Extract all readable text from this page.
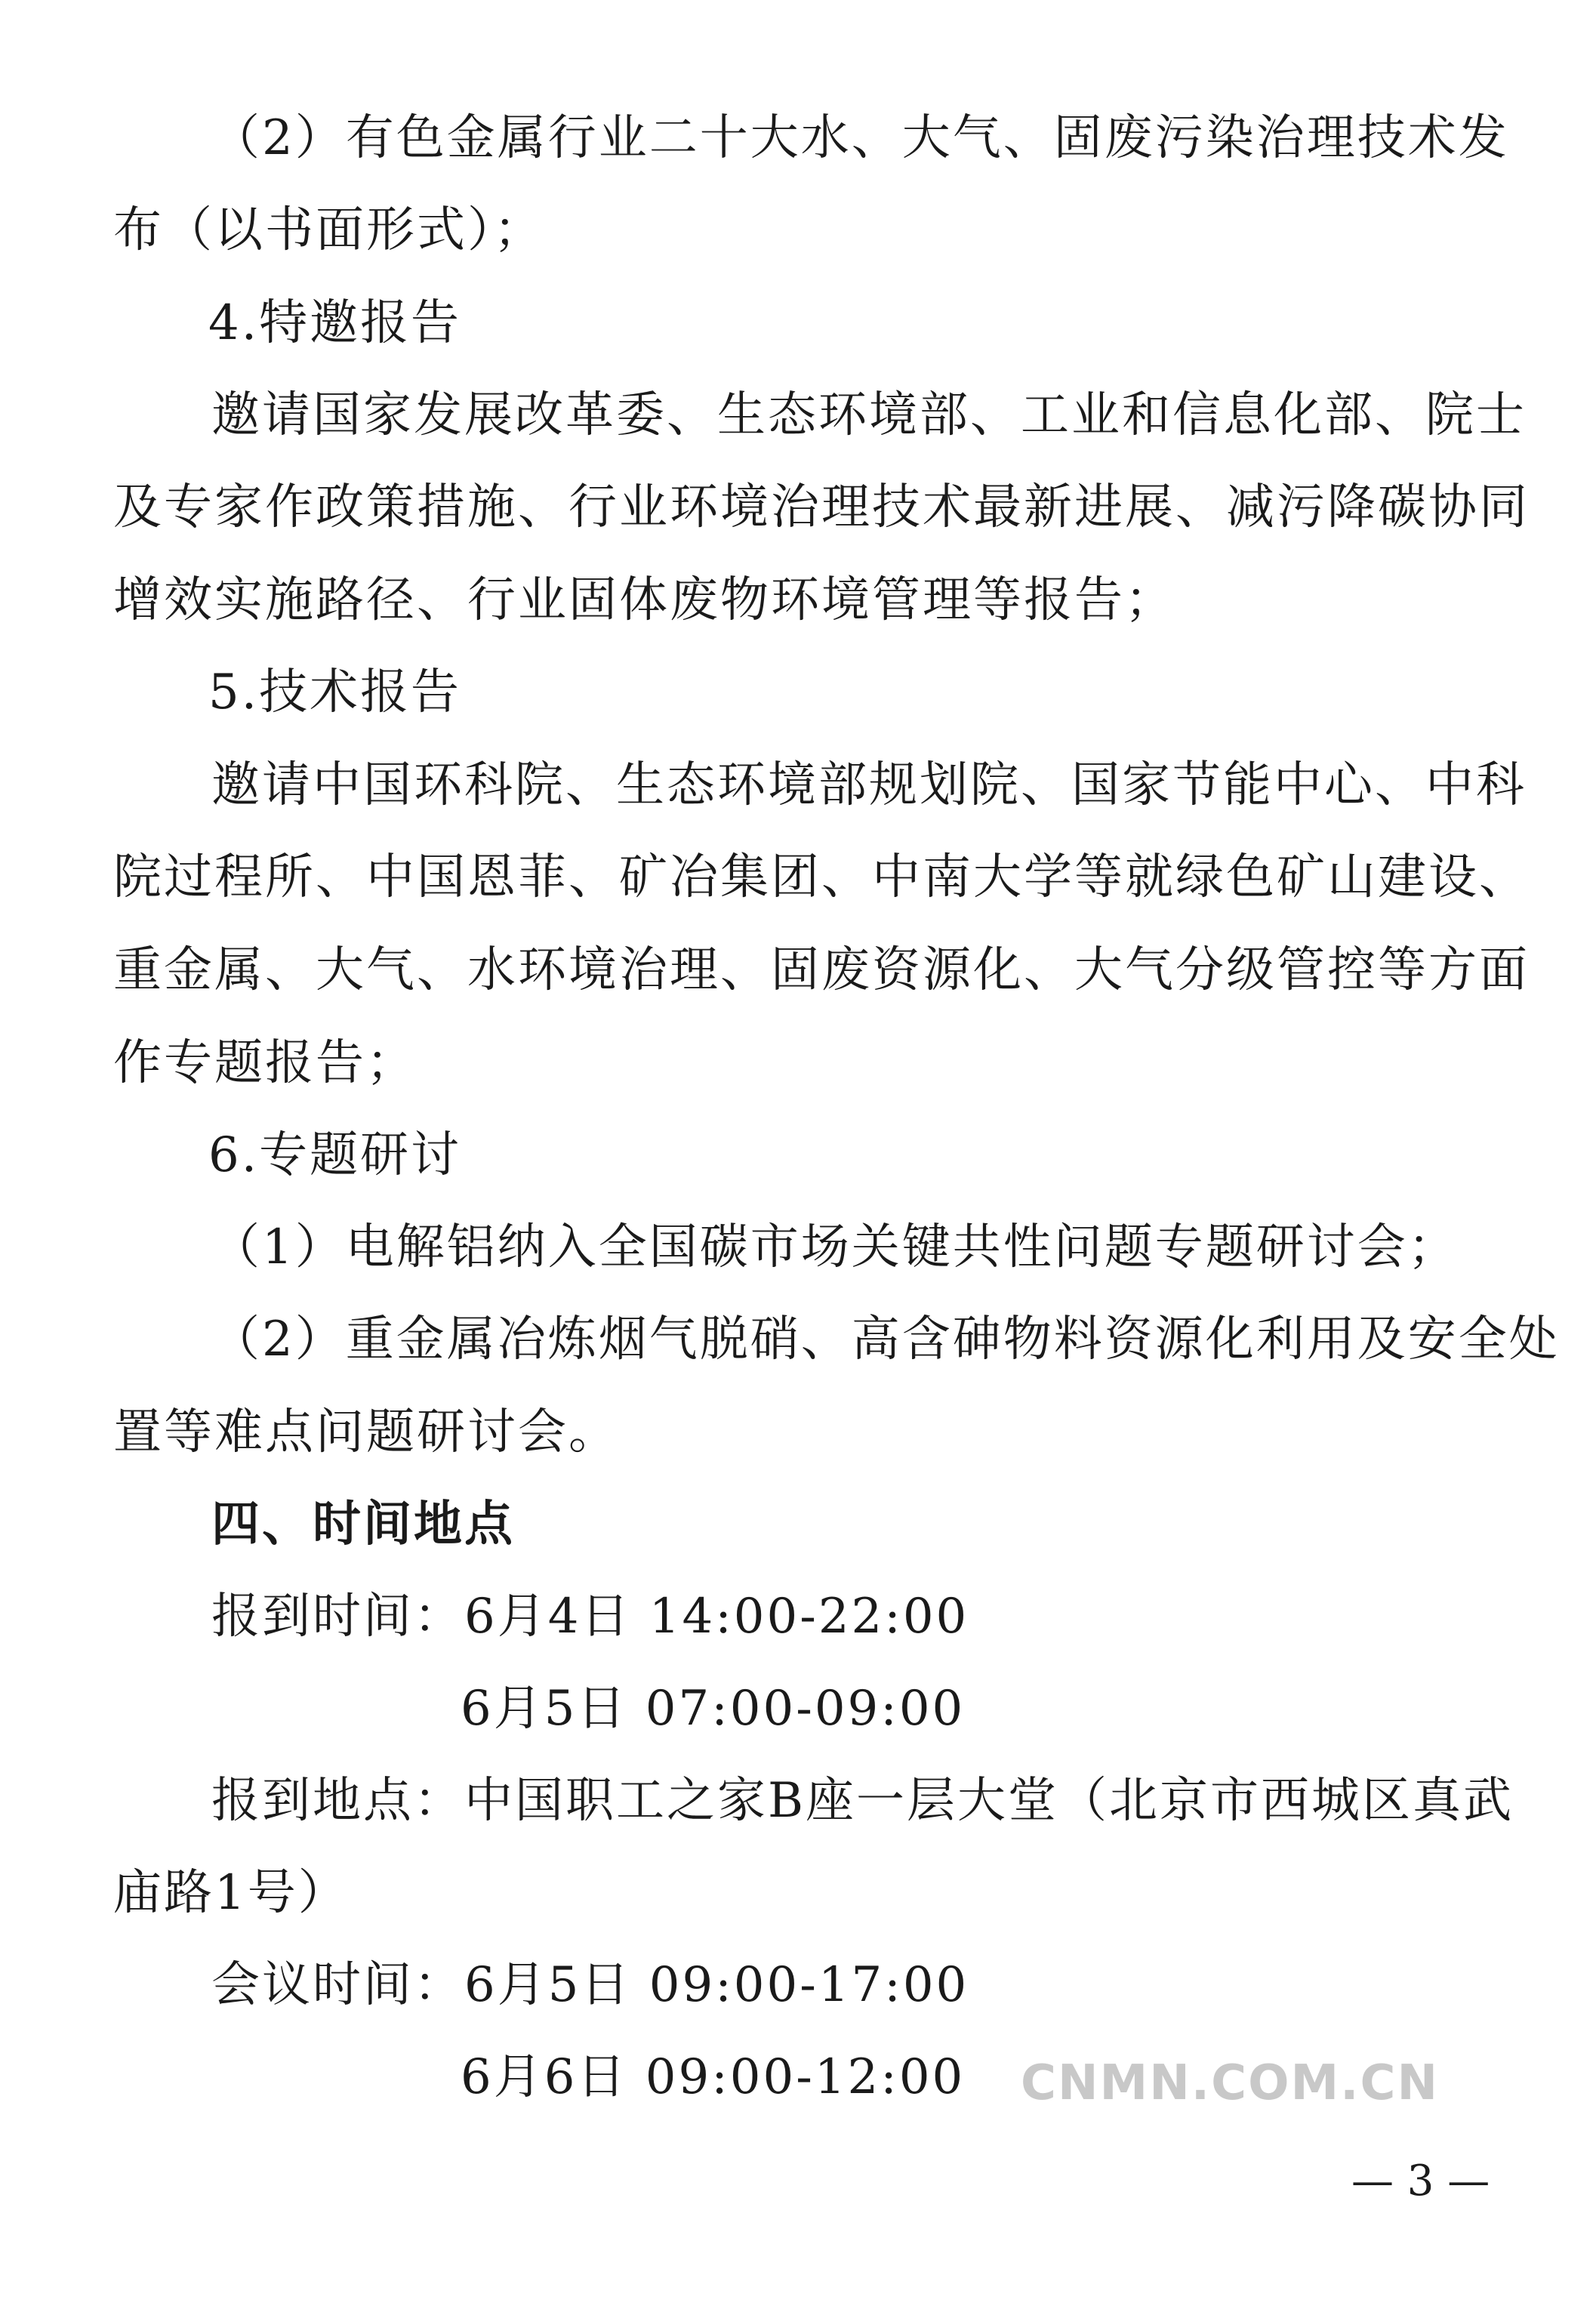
（2）有色金属行业二十大水、大气、固废污染治理技术发
布（以书面形式）；
4.特邀报告
邀请国家发展改革委、生态环境部、工业和信息化部、院士
及专家作政策措施、行业环境治理技术最新进展、减污降碳协同
增效实施路径、行业固体废物环境管理等报告；
5.技术报告
邀请中国环科院、生态环境部规划院、国家节能中心、中科
院过程所、中国恩菲、矿冶集团、中南大学等就绿色矿山建设、
重金属、大气、水环境治理、固废资源化、大气分级管控等方面
作专题报告；
6.专题研讨
（1）电解铝纳入全国碳市场关键共性问题专题研讨会；
（2）重金属冶炼烟气脱硝、高含砷物料资源化利用及安全处
置等难点问题研讨会。
四、时间地点
报到时间：6月4日 14:00-22:00
6月5日 07:00-09:00
报到地点：中国职工之家B座一层大堂（北京市西城区真武
庙路1号）
会议时间：6月5日 09:00-17:00
6月6日 09:00-12:00 CNMN.COM.CN
— 3 —
